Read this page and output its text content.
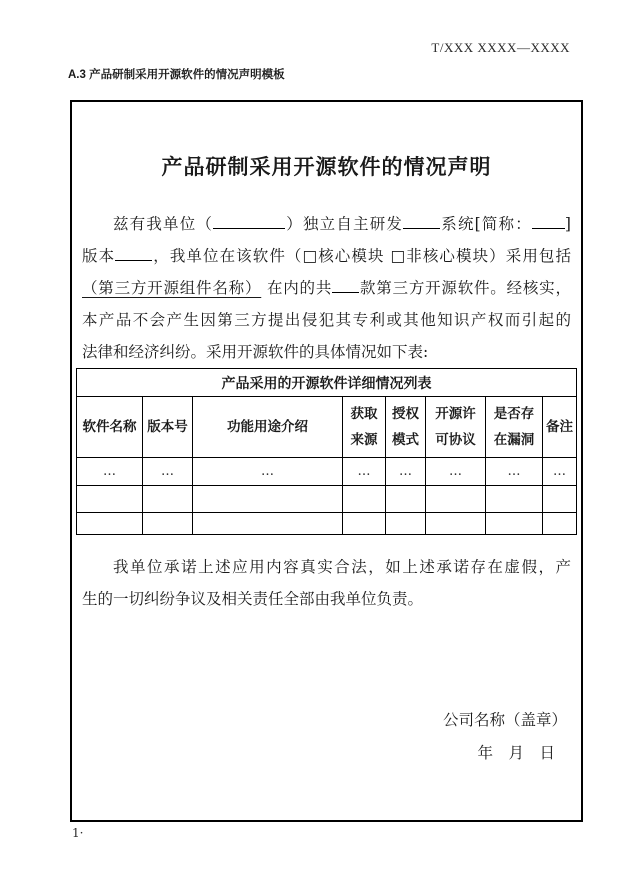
T/XXX XXXX—XXXX
A.3 产品研制采用开源软件的情况声明模板
产品研制采用开源软件的情况声明
兹有我单位（	）独立自主研发 系统[简称： ]
版本 ，我单位在该软件（□核心模块 □非核心模块）采用包括
（第三方开源组件名称） 在内的共 款第三方开源软件。经核实，
本产品不会产生因第三方提出侵犯其专利或其他知识产权而引起的
法律和经济纠纷。采用开源软件的具体情况如下表:
产品采用的开源软件详细情况列表							
软件名称	版本号	功能用途介绍	获取来源	授权模式	开源许可协议	是否存在漏洞	备注
…	…	…	…	…	…	…	…

我单位承诺上述应用内容真实合法，如上述承诺存在虚假，产
生的一切纠纷争议及相关责任全部由我单位负责。
公司名称（盖章）
年　月　日
1·
